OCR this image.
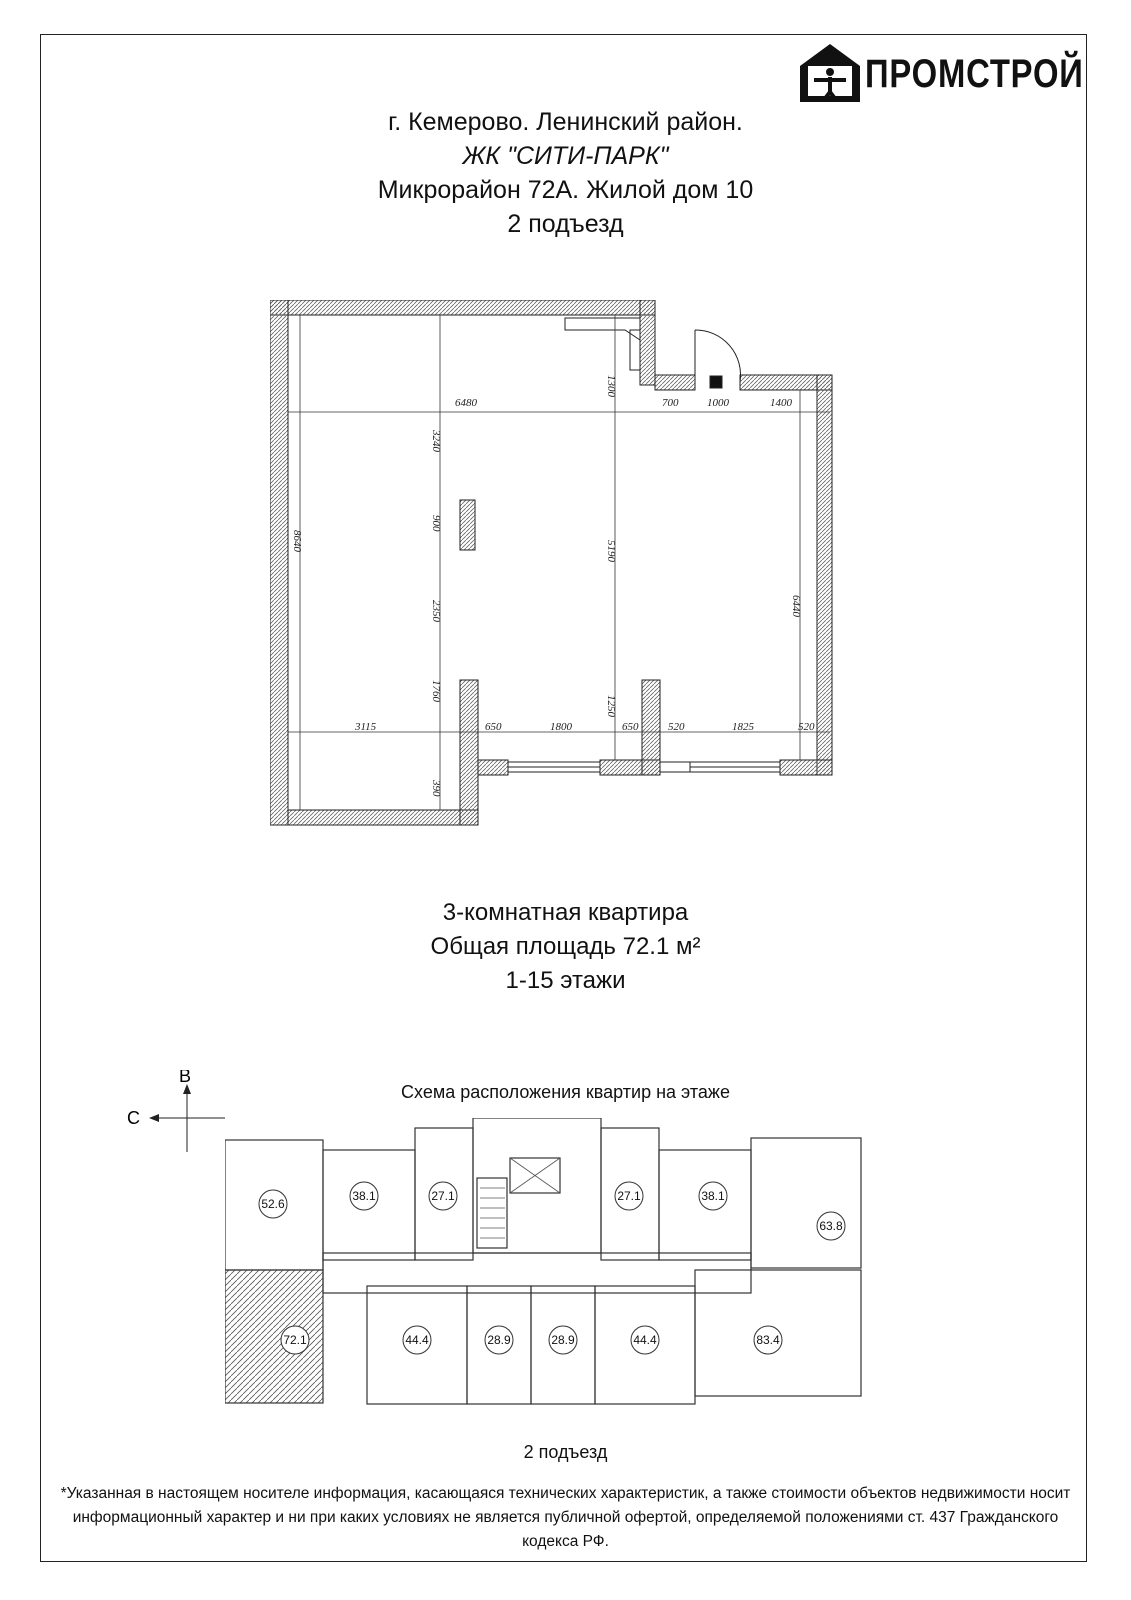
ПРОМСТРОЙ
г. Кемерово. Ленинский район.
ЖК "СИТИ-ПАРК"
Микрорайон 72А. Жилой дом 10
2 подъезд
6480	700	1000	1400
3115	650	1800	650	520	1825	520
1300
3240
900
2350
1760
390
8640	5190
1250
6440
3-комнатная квартира
Общая площадь 72.1 м²
1-15 этажи
Схема расположения квартир на этаже
В
С
52.6
38.1	27.1	27.1	38.1
63.8
72.1	44.4	28.9	28.9	44.4	83.4
2 подъезд
*Указанная в настоящем носителе информация, касающаяся технических характеристик, а также стоимости объектов недвижимости носит
информационный характер и ни при каких условиях не является публичной офертой, определяемой положениями ст. 437 Гражданского кодекса РФ.
